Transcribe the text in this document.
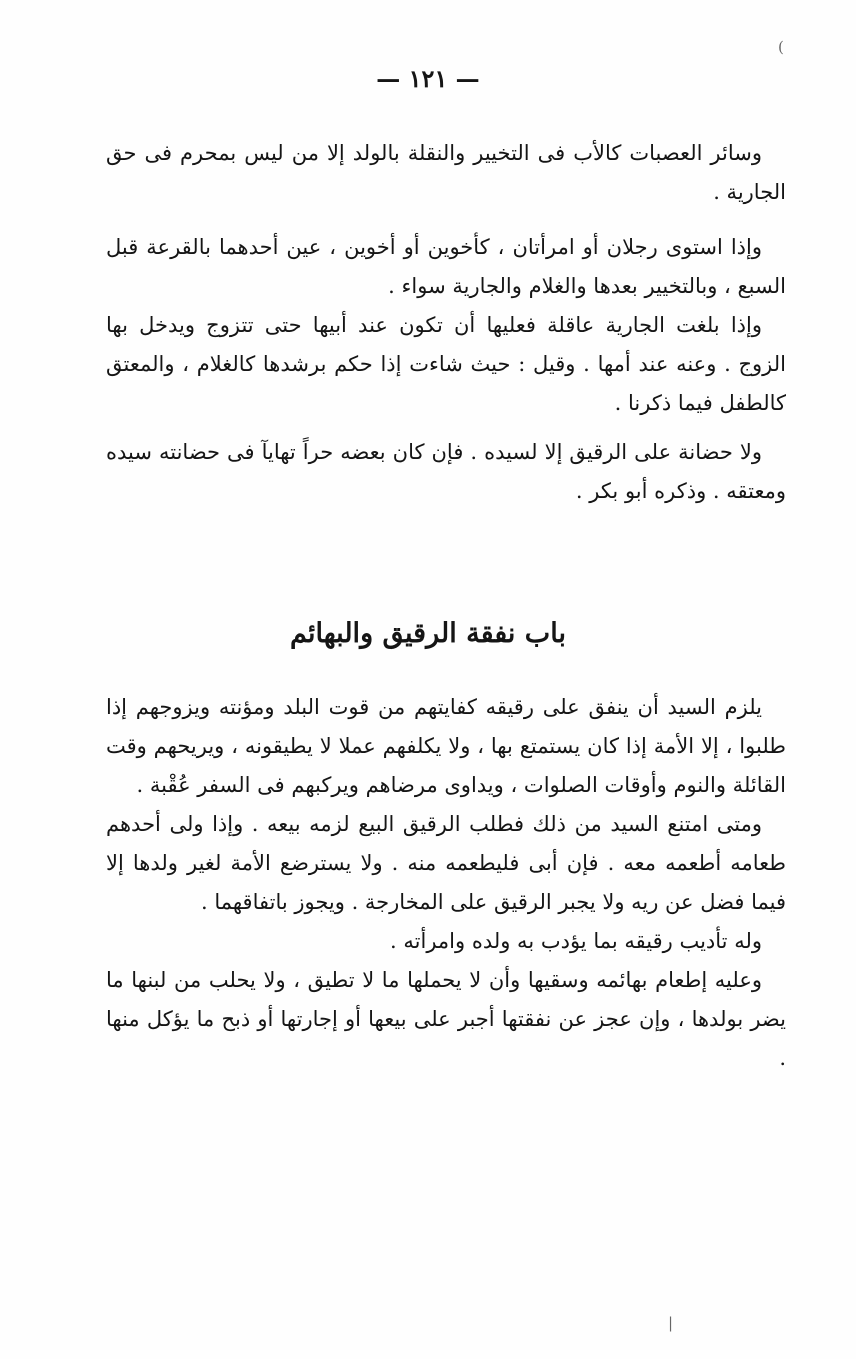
)
— ١٢١ —

وسائر العصبات كالأب فى التخيير والنقلة بالولد إلا من ليس بمحرم فى حق الجارية .

وإذا استوى رجلان أو امرأتان ، كأخوين أو أخوين ، عين أحدهما بالقرعة قبل السبع ، وبالتخيير بعدها والغلام والجارية سواء .

وإذا بلغت الجارية عاقلة فعليها أن تكون عند أبيها حتى تتزوج ويدخل بها الزوج . وعنه عند أمها . وقيل : حيث شاءت إذا حكم برشدها كالغلام ، والمعتق كالطفل فيما ذكرنا .

ولا حضانة على الرقيق إلا لسيده . فإن كان بعضه حراً تهايآ فى حضانته سيده ومعتقه . وذكره أبو بكر .

باب نفقة الرقيق والبهائم

يلزم السيد أن ينفق على رقيقه كفايتهم من قوت البلد ومؤنته ويزوجهم إذا طلبوا ، إلا الأمة إذا كان يستمتع بها ، ولا يكلفهم عملا لا يطيقونه ، ويريحهم وقت القائلة والنوم وأوقات الصلوات ، ويداوى مرضاهم ويركبهم فى السفر عُقْبة .

ومتى امتنع السيد من ذلك فطلب الرقيق البيع لزمه بيعه . وإذا ولى أحدهم طعامه أطعمه معه . فإن أبى فليطعمه منه . ولا يسترضع الأمة لغير ولدها إلا فيما فضل عن ريه ولا يجبر الرقيق على المخارجة . ويجوز باتفاقهما .

وله تأديب رقيقه بما يؤدب به ولده وامرأته .

وعليه إطعام بهائمه وسقيها وأن لا يحملها ما لا تطيق ، ولا يحلب من لبنها ما يضر بولدها ، وإن عجز عن نفقتها أجبر على بيعها أو إجارتها أو ذبح ما يؤكل منها .

|
